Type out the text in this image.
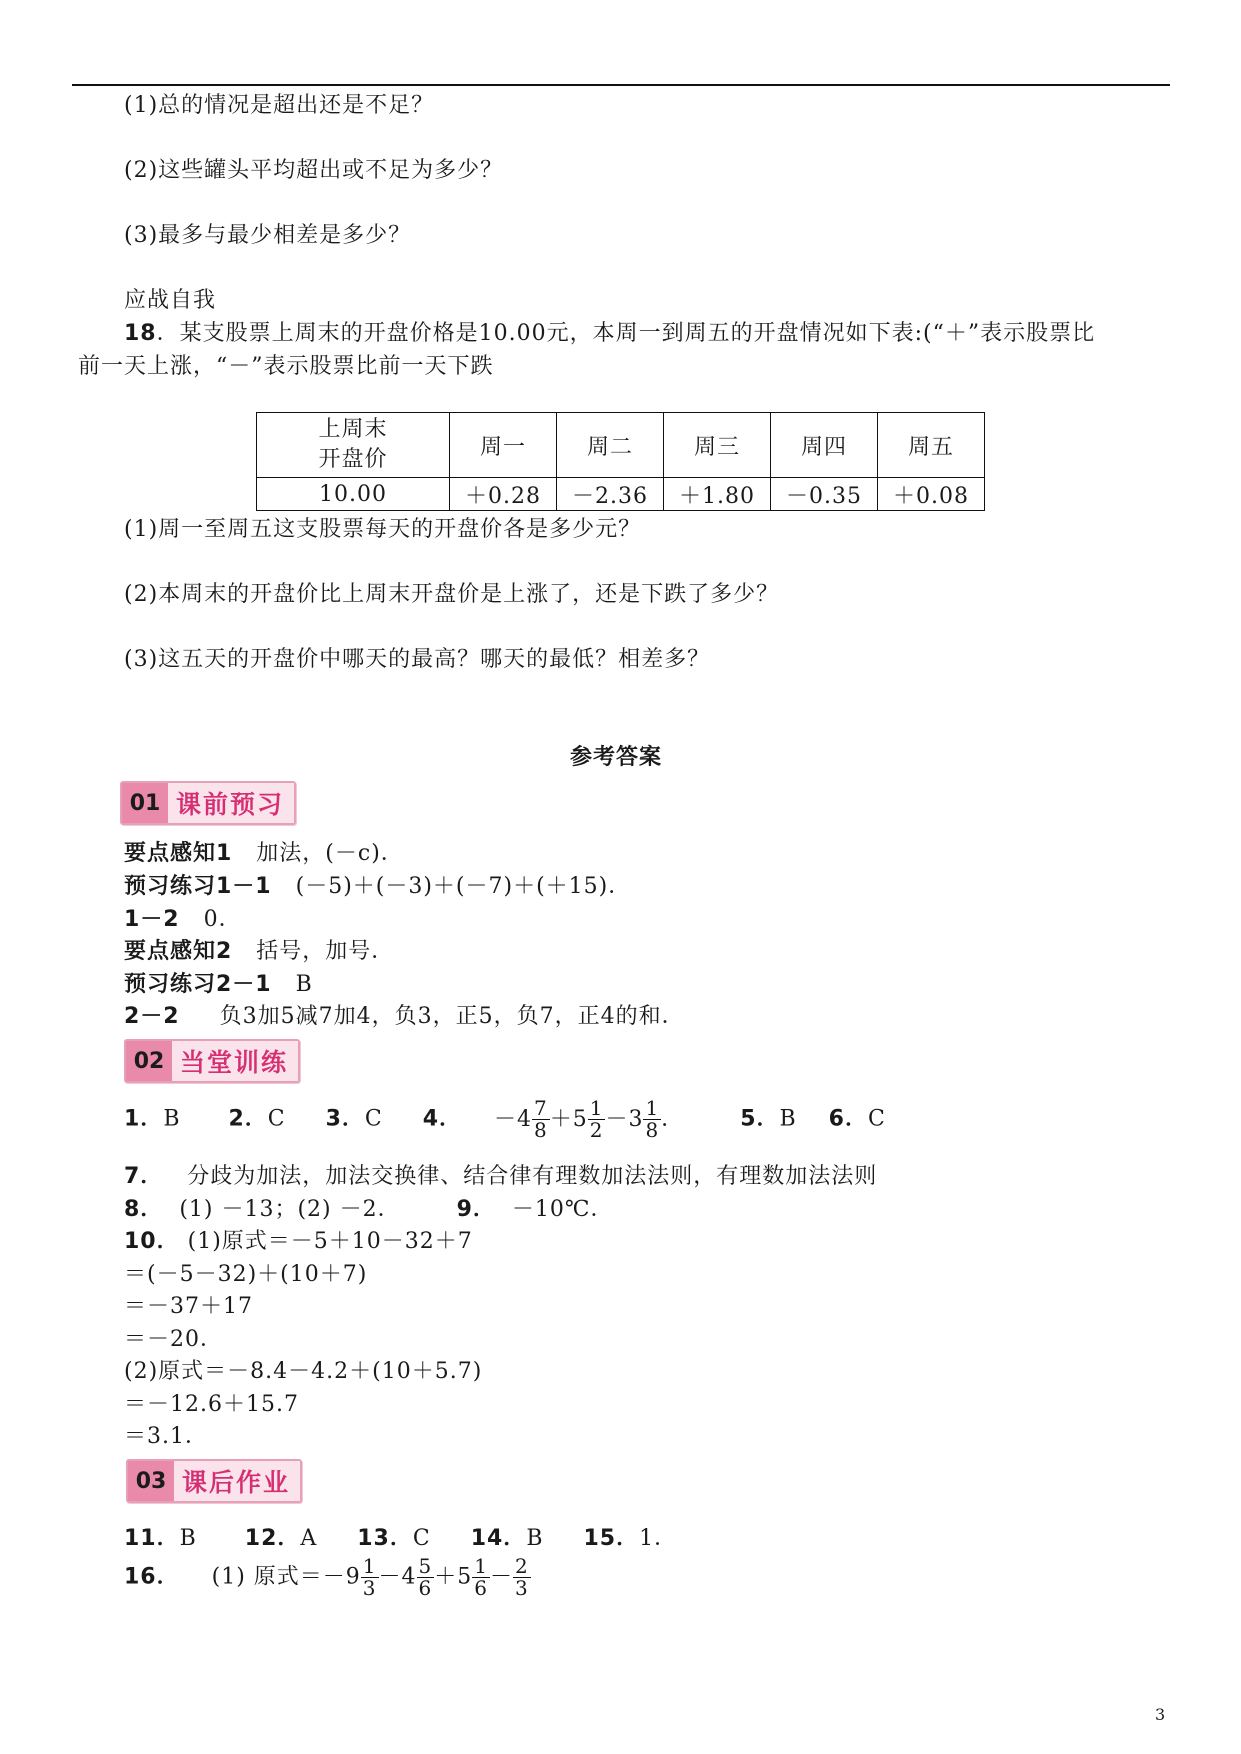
(1)总的情况是超出还是不足？
(2)这些罐头平均超出或不足为多少？
(3)最多与最少相差是多少？
应战自我
18．某支股票上周末的开盘价格是10.00元，本周一到周五的开盘情况如下表:(“＋”表示股票比
前一天上涨，“－”表示股票比前一天下跌
上周末
开盘价	周一	周二	周三	周四	周五
10.00	＋0.28	－2.36	＋1.80	－0.35	＋0.08
(1)周一至周五这支股票每天的开盘价各是多少元？
(2)本周末的开盘价比上周末开盘价是上涨了，还是下跌了多少？
(3)这五天的开盘价中哪天的最高？哪天的最低？相差多？
参考答案
01 课前预习
要点感知1 加法，(－c)．
预习练习1－1 (－5)＋(－3)＋(－7)＋(＋15)．
1－2 0．
要点感知2 括号，加号．
预习练习2－1 B
2－2 负3加5减7加4，负3，正5，负7，正4的和．
02 当堂训练
1．B 2．C 3．C 4． $-4 \frac{7}{8} +5 \frac{1}{2} -3 \frac{1}{8}$ ．	5．B 6．C
7． 分歧为加法，加法交换律、结合律有理数加法法则，有理数加法法则
8． (1) －13；(2) －2．	9． －10℃．
10． (1)原式＝－5＋10－32＋7
＝(－5－32)＋(10＋7)
＝－37＋17
＝－20．
(2)原式＝－8.4－4.2＋(10＋5.7)
＝－12.6＋15.7
＝3.1．
03 课后作业
11．B 12．A 13．C 14．B 15．1．
16． (1) 原式$=-9 \frac{1}{3} -4 \frac{5}{6} +5 \frac{1}{6} - \frac{2}{3}$
3
